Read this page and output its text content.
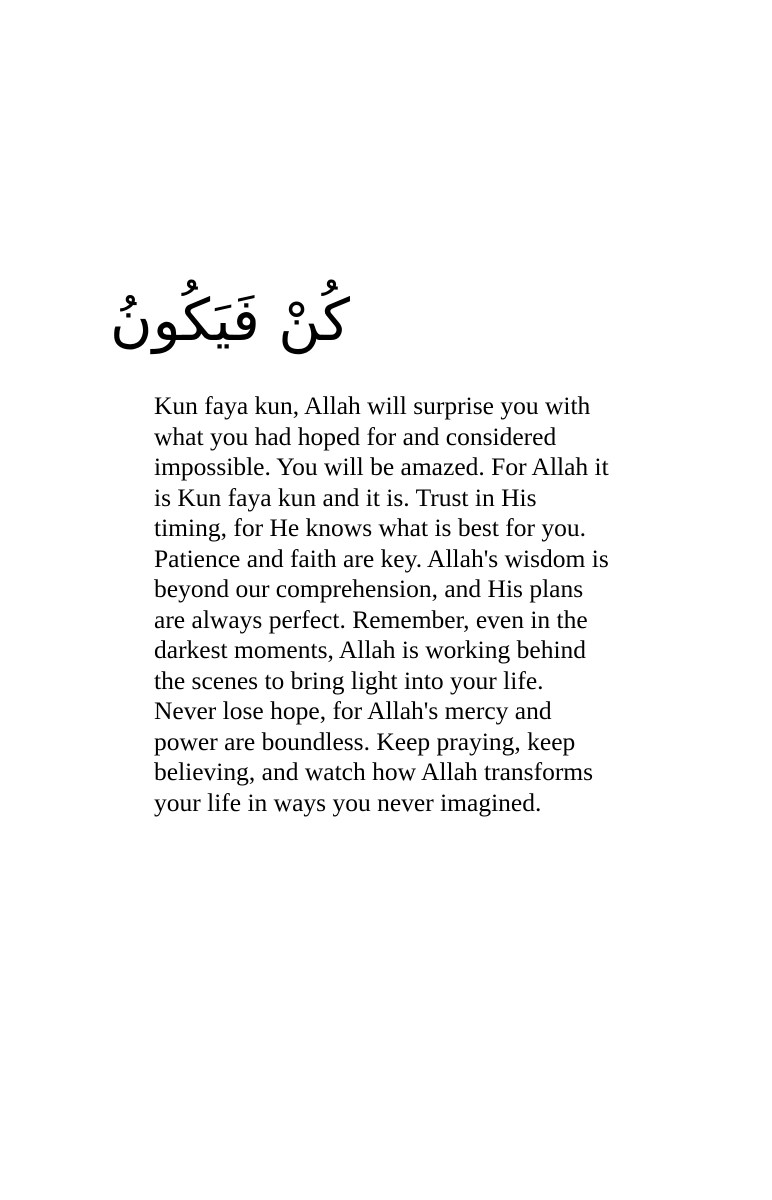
كُنْ فَيَكُونُ

Kun faya kun, Allah will surprise you with
what you had hoped for and considered
impossible. You will be amazed. For Allah it
is Kun faya kun and it is. Trust in His
timing, for He knows what is best for you.
Patience and faith are key. Allah's wisdom is
beyond our comprehension, and His plans
are always perfect. Remember, even in the
darkest moments, Allah is working behind
the scenes to bring light into your life.
Never lose hope, for Allah's mercy and
power are boundless. Keep praying, keep
believing, and watch how Allah transforms
your life in ways you never imagined.
